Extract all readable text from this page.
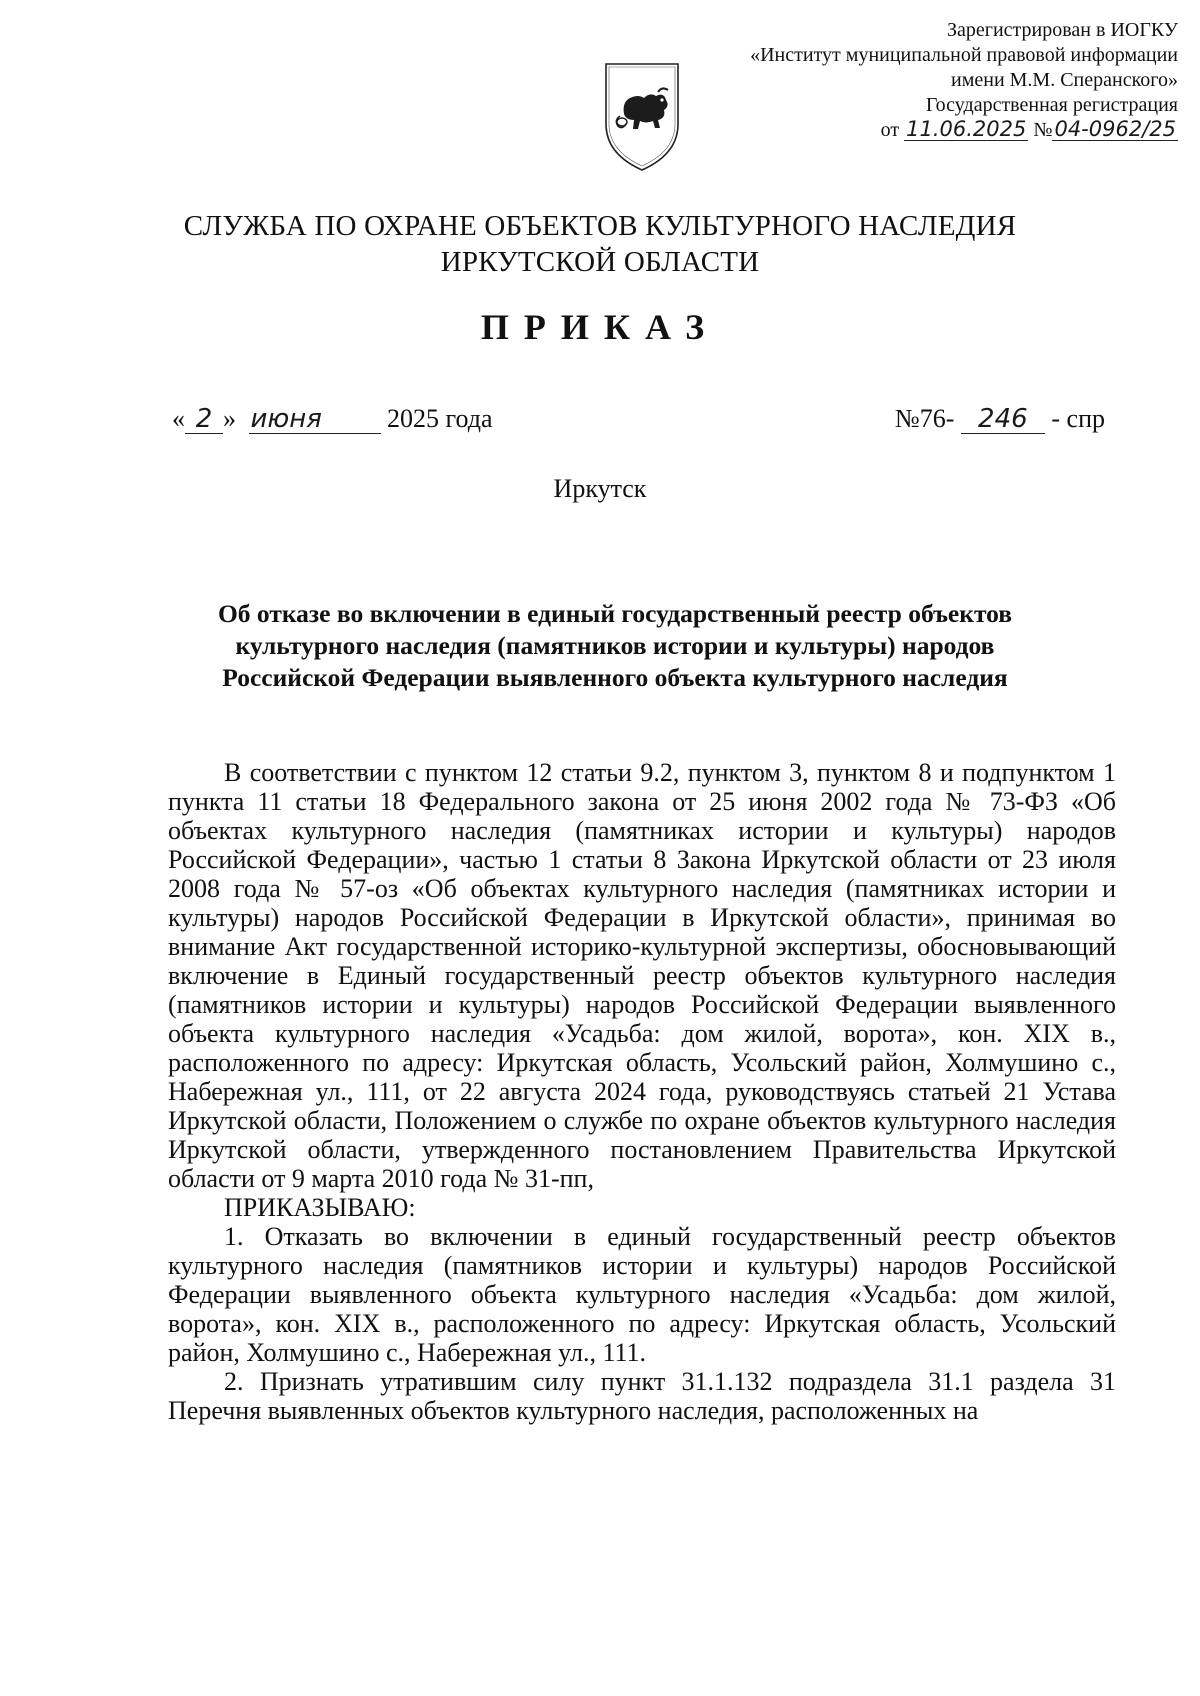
Зарегистрирован в ИОГКУ
«Институт муниципальной правовой информации
имени М.М. Сперанского»
Государственная регистрация
от 11.06.2025 №04-0962/25
СЛУЖБА ПО ОХРАНЕ ОБЪЕКТОВ КУЛЬТУРНОГО НАСЛЕДИЯ
ИРКУТСКОЙ ОБЛАСТИ
ПРИКАЗ
« 2 » июня	2025 года	№76- 246 - спр
Иркутск
Об отказе во включении в единый государственный реестр объектов
культурного наследия (памятников истории и культуры) народов
Российской Федерации выявленного объекта культурного наследия

В соответствии с пунктом 12 статьи 9.2, пунктом 3, пунктом 8 и подпунктом 1 пункта 11 статьи 18 Федерального закона от 25 июня 2002 года № 73-ФЗ «Об объектах культурного наследия (памятниках истории и культуры) народов Российской Федерации», частью 1 статьи 8 Закона Иркутской области от 23 июля 2008 года № 57-оз «Об объектах культурного наследия (памятниках истории и культуры) народов Российской Федерации в Иркутской области», принимая во внимание Акт государственной историко-культурной экспертизы, обосновывающий включение в Единый государственный реестр объектов культурного наследия (памятников истории и культуры) народов Российской Федерации выявленного объекта культурного наследия «Усадьба: дом жилой, ворота», кон. XIX в., расположенного по адресу: Иркутская область, Усольский район, Холмушино с., Набережная ул., 111, от 22 августа 2024 года, руководствуясь статьей 21 Устава Иркутской области, Положением о службе по охране объектов культурного наследия Иркутской области, утвержденного постановлением Правительства Иркутской области от 9 марта 2010 года № 31-пп,

ПРИКАЗЫВАЮ:

1. Отказать во включении в единый государственный реестр объектов культурного наследия (памятников истории и культуры) народов Российской Федерации выявленного объекта культурного наследия «Усадьба: дом жилой, ворота», кон. XIX в., расположенного по адресу: Иркутская область, Усольский район, Холмушино с., Набережная ул., 111.

2. Признать утратившим силу пункт 31.1.132 подраздела 31.1 раздела 31 Перечня выявленных объектов культурного наследия, расположенных на
